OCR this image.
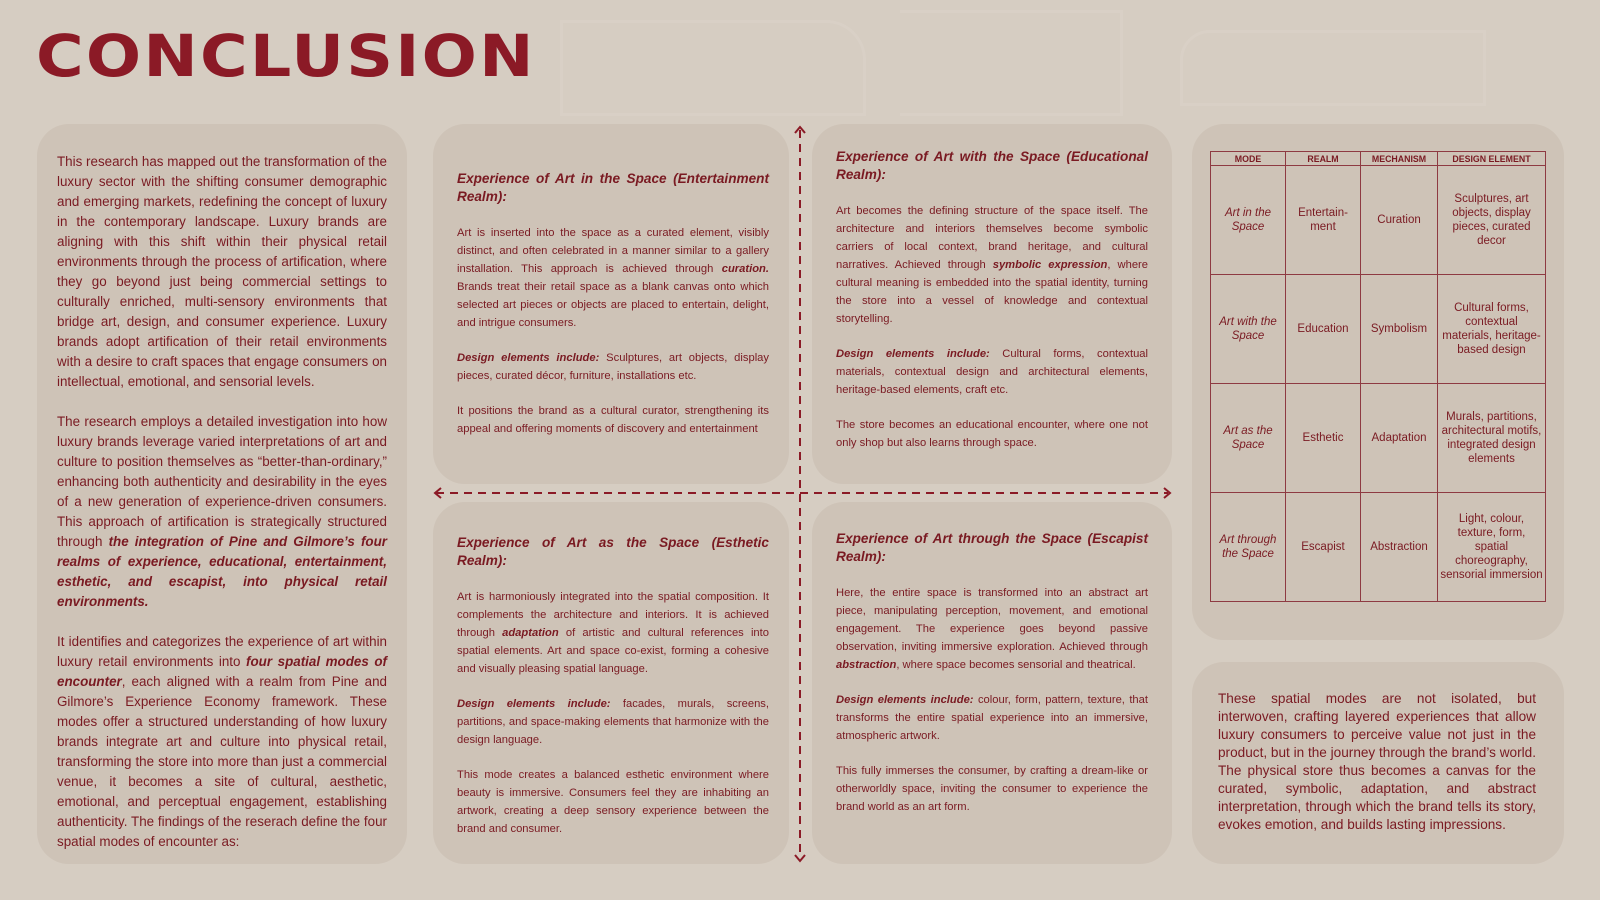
CONCLUSION

This research has mapped out the transformation of the luxury sector with the shifting consumer demographic and emerging markets, redefining the concept of luxury in the contemporary landscape. Luxury brands are aligning with this shift within their physical retail environments through the process of artification, where they go beyond just being commercial settings to culturally enriched, multi-sensory environments that bridge art, design, and consumer experience. Luxury brands adopt artification of their retail environments with a desire to craft spaces that engage consumers on intellectual, emotional, and sensorial levels.

The research employs a detailed investigation into how luxury brands leverage varied interpretations of art and culture to position themselves as “better-than-ordinary,” enhancing both authenticity and desirability in the eyes of a new generation of experience-driven consumers. This approach of artification is strategically structured through the integration of Pine and Gilmore’s four realms of experience, educational, entertainment, esthetic, and escapist, into physical retail environments.

It identifies and categorizes the experience of art within luxury retail environments into four spatial modes of encounter, each aligned with a realm from Pine and Gilmore’s Experience Economy framework. These modes offer a structured understanding of how luxury brands integrate art and culture into physical retail, transforming the store into more than just a commercial venue, it becomes a site of cultural, aesthetic, emotional, and perceptual engagement, establishing authenticity. The findings of the reserach define the four spatial modes of encounter as:

Experience of Art in the Space (Entertainment Realm):

Art is inserted into the space as a curated element, visibly distinct, and often celebrated in a manner similar to a gallery installation. This approach is achieved through curation. Brands treat their retail space as a blank canvas onto which selected art pieces or objects are placed to entertain, delight, and intrigue consumers.

Design elements include: Sculptures, art objects, display pieces, curated décor, furniture, installations etc.

It positions the brand as a cultural curator, strengthening its appeal and offering moments of discovery and entertainment

Experience of Art with the Space (Educational Realm):

Art becomes the defining structure of the space itself. The architecture and interiors themselves become symbolic carriers of local context, brand heritage, and cultural narratives. Achieved through symbolic expression, where cultural meaning is embedded into the spatial identity, turning the store into a vessel of knowledge and contextual storytelling.

Design elements include: Cultural forms, contextual materials, contextual design and architectural elements, heritage-based elements, craft etc.

The store becomes an educational encounter, where one not only shop but also learns through space.

Experience of Art as the Space (Esthetic Realm):

Art is harmoniously integrated into the spatial composition. It complements the architecture and interiors. It is achieved through adaptation of artistic and cultural references into spatial elements. Art and space co-exist, forming a cohesive and visually pleasing spatial language.

Design elements include: facades, murals, screens, partitions, and space-making elements that harmonize with the design language.

This mode creates a balanced esthetic environment where beauty is immersive. Consumers feel they are inhabiting an artwork, creating a deep sensory experience between the brand and consumer.

Experience of Art through the Space (Escapist Realm):

Here, the entire space is transformed into an abstract art piece, manipulating perception, movement, and emotional engagement. The experience goes beyond passive observation, inviting immersive exploration. Achieved through abstraction, where space becomes sensorial and theatrical.

Design elements include: colour, form, pattern, texture, that transforms the entire spatial experience into an immersive, atmospheric artwork.

This fully immerses the consumer, by crafting a dream-like or otherworldly space, inviting the consumer to experience the brand world as an art form.

MODE	REALM	MECHANISM	DESIGN ELEMENT
Art in the Space	Entertain-ment	Curation	Sculptures, art objects, display pieces, curated decor
Art with the Space	Education	Symbolism	Cultural forms, contextual materials, heritage-based design
Art as the Space	Esthetic	Adaptation	Murals, partitions, architectural motifs, integrated design elements
Art through the Space	Escapist	Abstraction	Light, colour, texture, form, spatial choreography, sensorial immersion

These spatial modes are not isolated, but interwoven, crafting layered experiences that allow luxury consumers to perceive value not just in the product, but in the journey through the brand’s world. The physical store thus becomes a canvas for the curated, symbolic, adaptation, and abstract interpretation, through which the brand tells its story, evokes emotion, and builds lasting impressions.
